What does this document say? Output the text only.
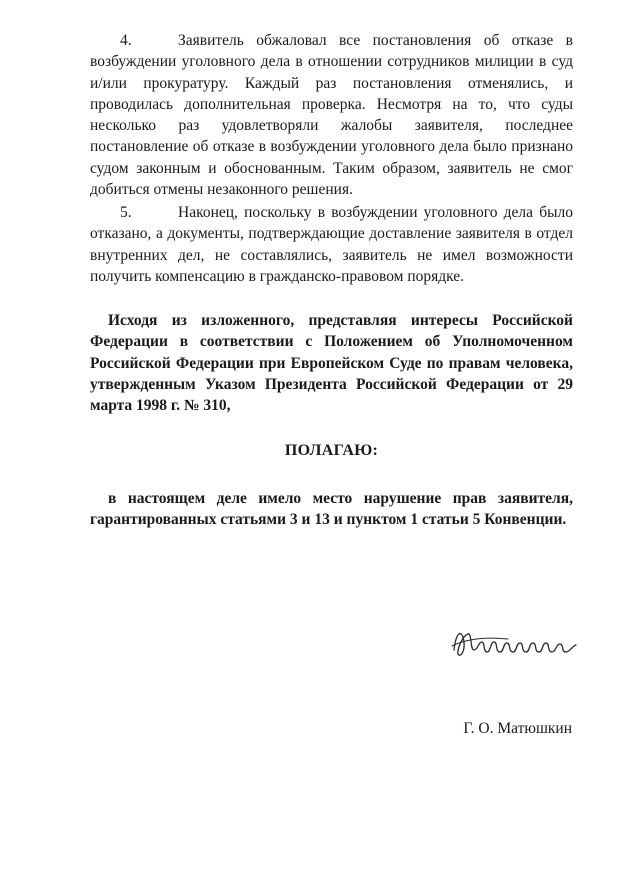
4.	Заявитель обжаловал все постановления об отказе в возбуждении уголовного дела в отношении сотрудников милиции в суд и/или прокуратуру. Каждый раз постановления отменялись, и проводилась дополнительная проверка. Несмотря на то, что суды несколько раз удовлетворяли жалобы заявителя, последнее постановление об отказе в возбуждении уголовного дела было признано судом законным и обоснованным. Таким образом, заявитель не смог добиться отмены незаконного решения.

5.	Наконец, поскольку в возбуждении уголовного дела было отказано, а документы, подтверждающие доставление заявителя в отдел внутренних дел, не составлялись, заявитель не имел возможности получить компенсацию в гражданско-правовом порядке.

Исходя из изложенного, представляя интересы Российской Федерации в соответствии с Положением об Уполномоченном Российской Федерации при Европейском Суде по правам человека, утвержденным Указом Президента Российской Федерации от 29 марта 1998 г. № 310,

ПОЛАГАЮ:

в настоящем деле имело место нарушение прав заявителя, гарантированных статьями 3 и 13 и пунктом 1 статьи 5 Конвенции.

Г. О. Матюшкин
